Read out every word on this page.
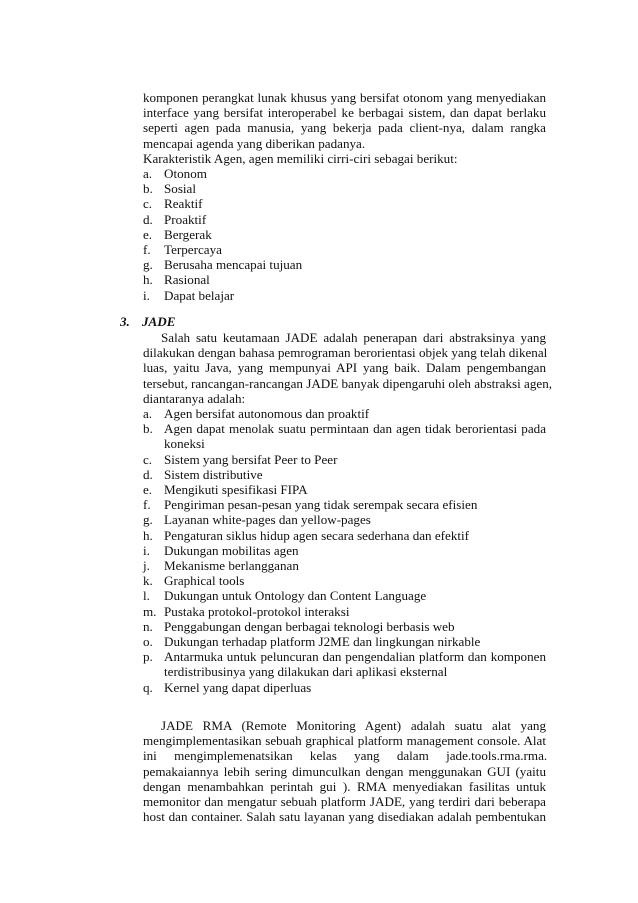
komponen perangkat lunak khusus yang bersifat otonom yang menyediakan
interface yang bersifat interoperabel ke berbagai sistem, dan dapat berlaku
seperti agen pada manusia, yang bekerja pada client-nya, dalam rangka
mencapai agenda yang diberikan padanya.
Karakteristik Agen, agen memiliki cirri-ciri sebagai berikut:
a. Otonom
b. Sosial
c. Reaktif
d. Proaktif
e. Bergerak
f. Terpercaya
g. Berusaha mencapai tujuan
h. Rasional
i. Dapat belajar
3. JADE
Salah satu keutamaan JADE adalah penerapan dari abstraksinya yang
dilakukan dengan bahasa pemrograman berorientasi objek yang telah dikenal
luas, yaitu Java, yang mempunyai API yang baik. Dalam pengembangan
tersebut, rancangan-rancangan JADE banyak dipengaruhi oleh abstraksi agen,
diantaranya adalah:
a. Agen bersifat autonomous dan proaktif
b. Agen dapat menolak suatu permintaan dan agen tidak berorientasi pada
koneksi
c. Sistem yang bersifat Peer to Peer
d. Sistem distributive
e. Mengikuti spesifikasi FIPA
f. Pengiriman pesan-pesan yang tidak serempak secara efisien
g. Layanan white-pages dan yellow-pages
h. Pengaturan siklus hidup agen secara sederhana dan efektif
i. Dukungan mobilitas agen
j. Mekanisme berlangganan
k. Graphical tools
l. Dukungan untuk Ontology dan Content Language
m. Pustaka protokol-protokol interaksi
n. Penggabungan dengan berbagai teknologi berbasis web
o. Dukungan terhadap platform J2ME dan lingkungan nirkable
p. Antarmuka untuk peluncuran dan pengendalian platform dan komponen
terdistribusinya yang dilakukan dari aplikasi eksternal
q. Kernel yang dapat diperluas
JADE RMA (Remote Monitoring Agent) adalah suatu alat yang
mengimplementasikan sebuah graphical platform management console. Alat
ini mengimplemenatsikan kelas yang dalam jade.tools.rma.rma.
pemakaiannya lebih sering dimunculkan dengan menggunakan GUI (yaitu
dengan menambahkan perintah gui ). RMA menyediakan fasilitas untuk
memonitor dan mengatur sebuah platform JADE, yang terdiri dari beberapa
host dan container. Salah satu layanan yang disediakan adalah pembentukan
